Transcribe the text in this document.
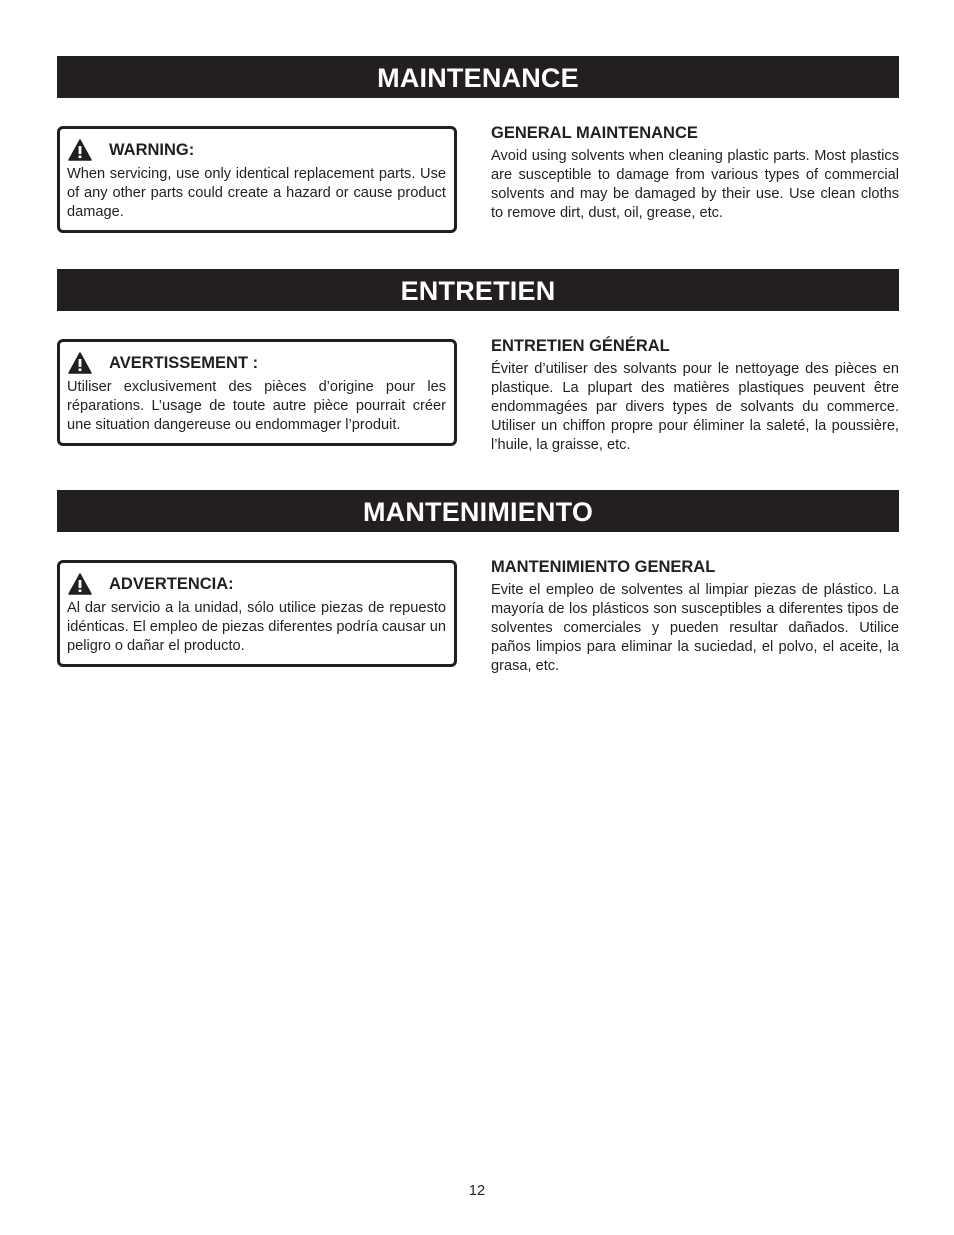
MAINTENANCE
WARNING:
When servicing, use only identical replacement parts. Use of any other parts could create a hazard or cause product damage.
GENERAL MAINTENANCE
Avoid using solvents when cleaning plastic parts. Most plastics are susceptible to damage from various types of commercial solvents and may be damaged by their use. Use clean cloths to remove dirt, dust, oil, grease, etc.
ENTRETIEN
AVERTISSEMENT :
Utiliser exclusivement des pièces d’origine pour les réparations. L’usage de toute autre pièce pourrait créer une situation dangereuse ou endommager l’produit.
ENTRETIEN GÉNÉRAL
Éviter d’utiliser des solvants pour le nettoyage des pièces en plastique. La plupart des matières plastiques peuvent être endommagées par divers types de solvants du commerce. Utiliser un chiffon propre pour éliminer la saleté, la poussière, l’huile, la graisse, etc.
MANTENIMIENTO
ADVERTENCIA:
Al dar servicio a la unidad, sólo utilice piezas de repuesto idénticas. El empleo de piezas diferentes podría causar un peligro o dañar el producto.
MANTENIMIENTO GENERAL
Evite el empleo de solventes al limpiar piezas de plástico. La mayoría de los plásticos son susceptibles a diferentes tipos de solventes comerciales y pueden resultar dañados. Utilice paños limpios para eliminar la suciedad, el polvo, el aceite, la grasa, etc.
12
